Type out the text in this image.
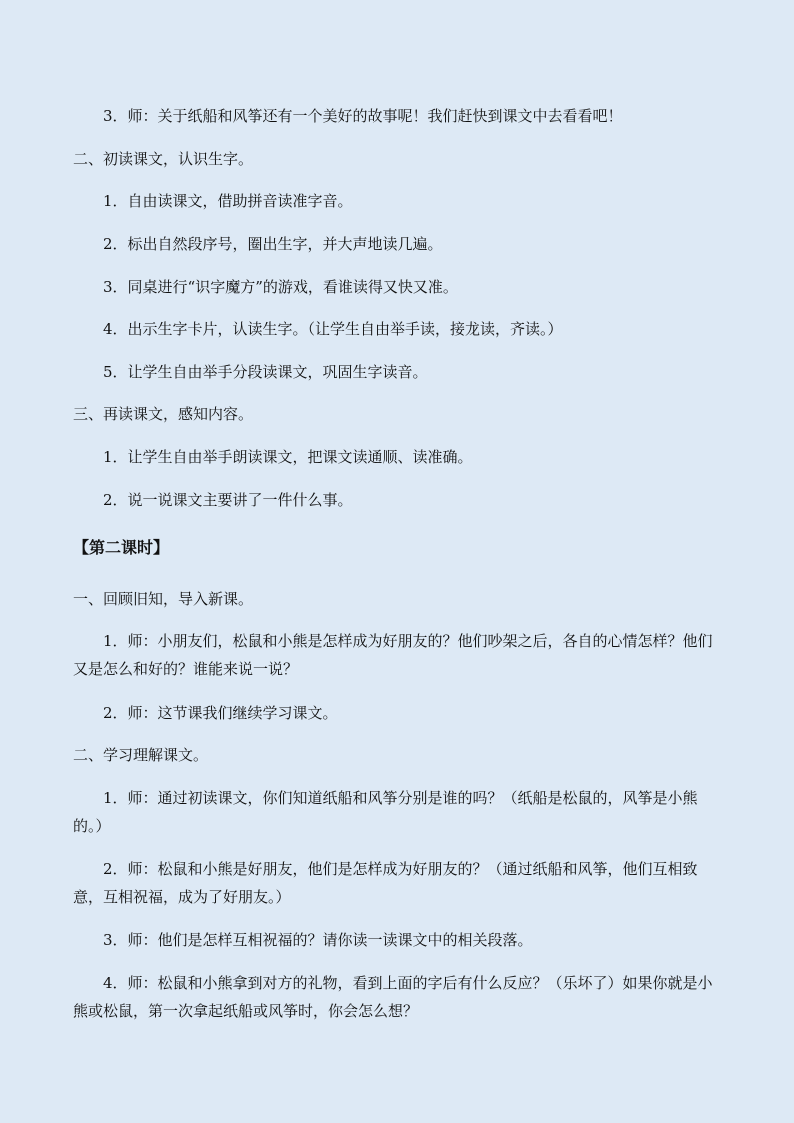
3．师：关于纸船和风筝还有一个美好的故事呢！我们赶快到课文中去看看吧！
二、初读课文，认识生字。
1．自由读课文，借助拼音读准字音。
2．标出自然段序号，圈出生字，并大声地读几遍。
3．同桌进行“识字魔方”的游戏，看谁读得又快又准。
4．出示生字卡片，认读生字。（让学生自由举手读，接龙读，齐读。）
5．让学生自由举手分段读课文，巩固生字读音。
三、再读课文，感知内容。
1．让学生自由举手朗读课文，把课文读通顺、读准确。
2．说一说课文主要讲了一件什么事。
【第二课时】
一、回顾旧知，导入新课。
1．师：小朋友们，松鼠和小熊是怎样成为好朋友的？他们吵架之后，各自的心情怎样？他们又是怎么和好的？谁能来说一说？
2．师：这节课我们继续学习课文。
二、学习理解课文。
1．师：通过初读课文，你们知道纸船和风筝分别是谁的吗？（纸船是松鼠的，风筝是小熊的。）
2．师：松鼠和小熊是好朋友，他们是怎样成为好朋友的？（通过纸船和风筝，他们互相致意，互相祝福，成为了好朋友。）
3．师：他们是怎样互相祝福的？请你读一读课文中的相关段落。
4．师：松鼠和小熊拿到对方的礼物，看到上面的字后有什么反应？（乐坏了）如果你就是小熊或松鼠，第一次拿起纸船或风筝时，你会怎么想？
